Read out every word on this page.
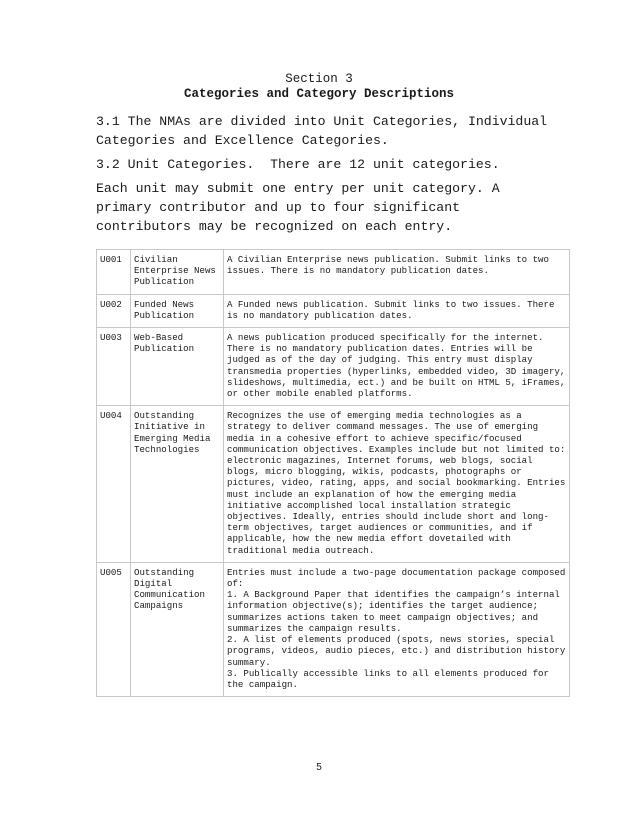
Section 3
Categories and Category Descriptions

3.1 The NMAs are divided into Unit Categories, Individual Categories and Excellence Categories.

3.2 Unit Categories.  There are 12 unit categories.

Each unit may submit one entry per unit category. A primary contributor and up to four significant contributors may be recognized on each entry.

U001	Civilian Enterprise News Publication	A Civilian Enterprise news publication. Submit links to two issues. There is no mandatory publication dates.

U002	Funded News Publication	A Funded news publication. Submit links to two issues. There is no mandatory publication dates.

U003	Web-Based Publication	A news publication produced specifically for the internet. There is no mandatory publication dates. Entries will be judged as of the day of judging. This entry must display transmedia properties (hyperlinks, embedded video, 3D imagery, slideshows, multimedia, ect.) and be built on HTML 5, iFrames, or other mobile enabled platforms.

U004	Outstanding Initiative in Emerging Media Technologies	Recognizes the use of emerging media technologies as a strategy to deliver command messages. The use of emerging media in a cohesive effort to achieve specific/focused communication objectives. Examples include but not limited to: electronic magazines, Internet forums, web blogs, social blogs, micro blogging, wikis, podcasts, photographs or pictures, video, rating, apps, and social bookmarking. Entries must include an explanation of how the emerging media initiative accomplished local installation strategic objectives. Ideally, entries should include short and long-term objectives, target audiences or communities, and if applicable, how the new media effort dovetailed with traditional media outreach.

U005	Outstanding Digital Communication Campaigns	Entries must include a two-page documentation package composed of:
1. A Background Paper that identifies the campaign’s internal information objective(s); identifies the target audience; summarizes actions taken to meet campaign objectives; and summarizes the campaign results.
2. A list of elements produced (spots, news stories, special programs, videos, audio pieces, etc.) and distribution history summary.
3. Publically accessible links to all elements produced for the campaign.
5
